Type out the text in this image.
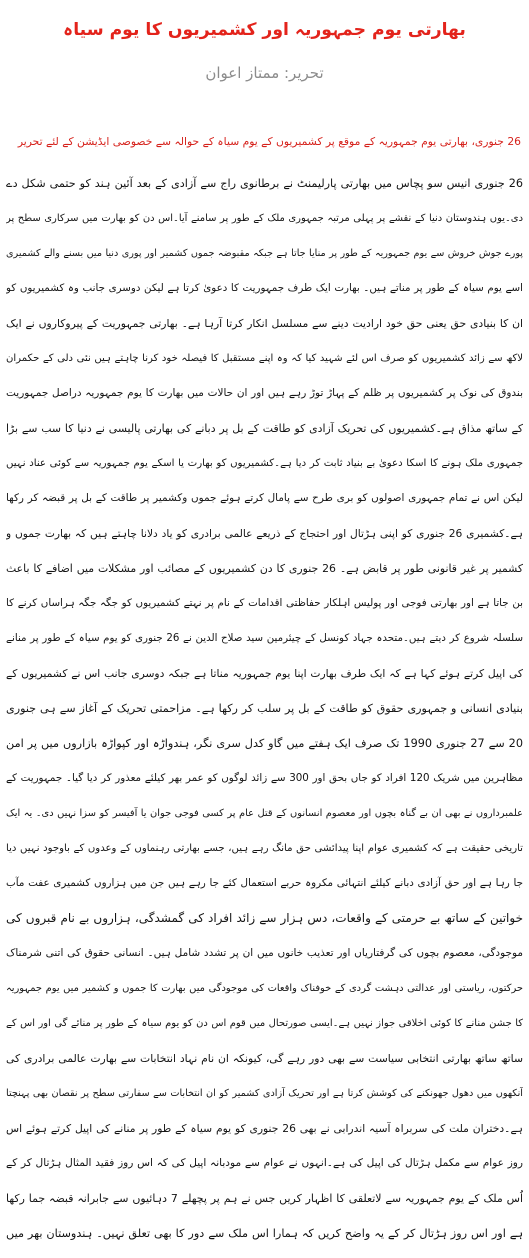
بھارتی یوم جمہوریہ اور کشمیریوں کا یوم سیاہ
تحریر: ممتاز اعوان
26 جنوری، بھارتی یوم جمہوریہ کے موقع پر کشمیریوں کے یوم سیاہ کے حوالہ سے خصوصی ایڈیشن کے لئے تحریر
26 جنوری انیس سو پچاس میں بھارتی پارلیمنٹ نے برطانوی راج سے آزادی کے بعد آئین ہند کو حتمی شکل دے
دی۔یوں ہندوستان دنیا کے نقشے پر پہلی مرتبہ جمہوری ملک کے طور پر سامنے آیا۔اس دن کو بھارت میں سرکاری سطح پر
پورے جوش خروش سے یوم جمہوریہ کے طور پر منایا جاتا ہے جبکہ مقبوضہ جموں کشمیر اور پوری دنیا میں بسنے والے کشمیری
اسے یوم سیاہ کے طور پر مناتے ہیں۔ بھارت ایک طرف جمہوریت کا دعویٰ کرتا ہے لیکن دوسری جانب وہ کشمیریوں کو
ان کا بنیادی حق یعنی حق خود ارادیت دینے سے مسلسل انکار کرتا آرہا ہے۔ بھارتی جمہوریت کے پیروکاروں نے ایک
لاکھ سے زائد کشمیریوں کو صرف اس لئے شہید کیا کہ وہ اپنے مستقبل کا فیصلہ خود کرنا چاہتے ہیں نئی دلی کے حکمران
بندوق کی نوک پر کشمیریوں پر ظلم کے پہاڑ توڑ رہے ہیں اور ان حالات میں بھارت کا یوم جمہوریہ دراصل جمہوریت
کے ساتھ مذاق ہے۔کشمیریوں کی تحریک آزادی کو طاقت کے بل پر دبانے کی بھارتی پالیسی نے دنیا کا سب سے بڑا
جمہوری ملک ہونے کا اسکا دعویٰ بے بنیاد ثابت کر دیا ہے۔کشمیریوں کو بھارت یا اسکے یوم جمہوریہ سے کوئی عناد نہیں
لیکن اس نے تمام جمہوری اصولوں کو بری طرح سے پامال کرتے ہوئے جموں وکشمیر پر طاقت کے بل پر قبضہ کر رکھا
ہے۔کشمیری 26 جنوری کو اپنی ہڑتال اور احتجاج کے ذریعے عالمی برادری کو یاد دلانا چاہتے ہیں کہ بھارت جموں و
کشمیر پر غیر قانونی طور پر قابض ہے۔ 26 جنوری کا دن کشمیریوں کے مصائب اور مشکلات میں اضافے کا باعث
بن جاتا ہے اور بھارتی فوجی اور پولیس اہلکار حفاظتی اقدامات کے نام پر نہتے کشمیریوں کو جگہ جگہ ہراساں کرنے کا
سلسلہ شروع کر دیتے ہیں۔متحدہ جہاد کونسل کے چیئرمین سید صلاح الدین نے 26 جنوری کو یوم سیاہ کے طور پر منانے
کی اپیل کرتے ہوئے کہا ہے کہ ایک طرف بھارت اپنا یوم جمہوریہ مناتا ہے جبکہ دوسری جانب اس نے کشمیریوں کے
بنیادی انسانی و جمہوری حقوق کو طاقت کے بل پر سلب کر رکھا ہے۔ مزاحمتی تحریک کے آغاز سے ہی جنوری
20 سے 27 جنوری 1990 تک صرف ایک ہفتے میں گاو کدل سری نگر، ہندواڑہ اور کپواڑہ بازاروں میں پر امن
مظاہرین میں شریک 120 افراد کو جاں بحق اور 300 سے زائد لوگوں کو عمر بھر کیلئے معذور کر دیا گیا۔ جمہوریت کے
علمبرداروں نے بھی ان بے گناہ بچوں اور معصوم انسانوں کے قتل عام پر کسی فوجی جوان یا آفیسر کو سزا نہیں دی۔ یہ ایک
تاریخی حقیقت ہے کہ کشمیری عوام اپنا پیدائشی حق مانگ رہے ہیں، جسے بھارتی رہنماوں کے وعدوں کے باوجود نہیں دیا
جا رہا ہے اور حق آزادی دبانے کیلئے انتہائی مکروہ حربے استعمال کئے جا رہے ہیں جن میں ہزاروں کشمیری عفت مآب
خواتین کے ساتھ بے حرمتی کے واقعات، دس ہزار سے زائد افراد کی گمشدگی، ہزاروں بے نام قبروں کی
موجودگی، معصوم بچوں کی گرفتاریاں اور تعذیب خانوں میں ان پر تشدد شامل ہیں۔ انسانی حقوق کی اتنی شرمناک
حرکتوں، ریاستی اور عدالتی دہشت گردی کے خوفناک واقعات کی موجودگی میں بھارت کا جموں و کشمیر میں یوم جمہوریہ
کا جشن منانے کا کوئی اخلاقی جواز نہیں ہے۔ایسی صورتحال میں قوم اس دن کو یوم سیاہ کے طور پر منائے گی اور اس کے
ساتھ ساتھ بھارتی انتخابی سیاست سے بھی دور رہے گی، کیونکہ ان نام نہاد انتخابات سے بھارت عالمی برادری کی
آنکھوں میں دھول جھونکنے کی کوشش کرتا ہے اور تحریک آزادی کشمیر کو ان انتخابات سے سفارتی سطح پر نقصان بھی پہنچتا
ہے۔دختران ملت کی سربراہ آسیہ اندرابی نے بھی 26 جنوری کو یوم سیاہ کے طور پر منانے کی اپیل کرتے ہوئے اس
روز عوام سے مکمل ہڑتال کی اپیل کی ہے۔انہوں نے عوام سے مودبانہ اپیل کی کہ اس روز فقید المثال ہڑتال کر کے
اُس ملک کے یوم جمہوریہ سے لاتعلقی کا اظہار کریں جس نے ہم پر پچھلے 7 دہائیوں سے جابرانہ قبضہ جما رکھا
ہے اور اس روز ہڑتال کر کے یہ واضح کریں کہ ہمارا اس ملک سے دور کا بھی تعلق نہیں۔ ہندوستان بھر میں
